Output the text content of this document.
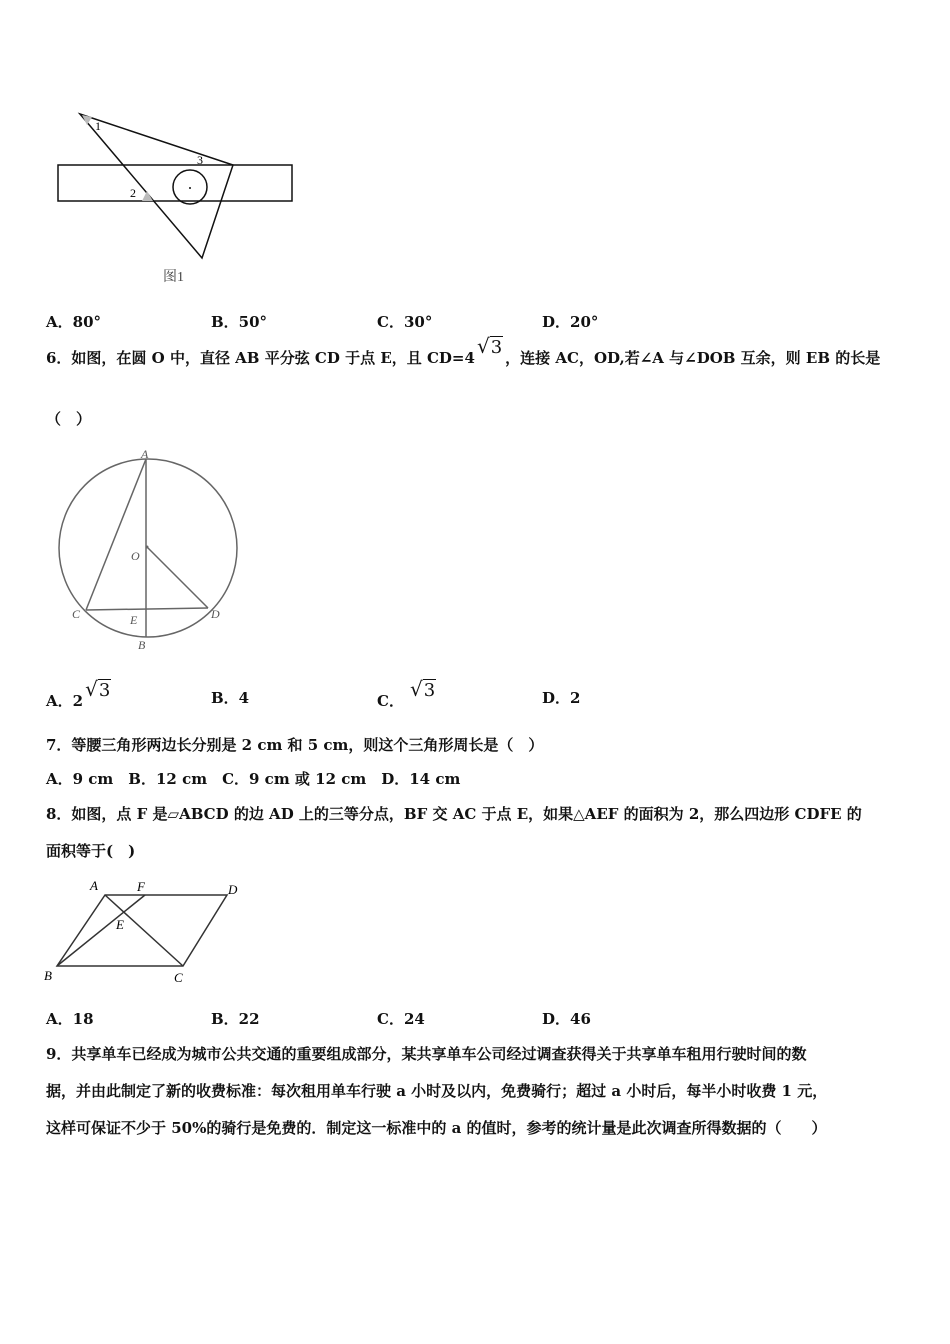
1
2
3
图1
A．80°	B．50°	C．30°	D．20°
6．如图，在圆 O 中，直径 AB 平分弦 CD 于点 E，且 CD=4 √3 ，连接 AC，OD,若∠A 与∠DOB 互余，则 EB 的长是
（　）
A
O
C	E	D
B
A．2 √3	B．4	C． √3	D．2
7．等腰三角形两边长分别是 2 cm 和 5 cm，则这个三角形周长是（　）
A．9 cm　B．12 cm　C．9 cm 或 12 cm　D．14 cm
8．如图，点 F 是▱ABCD 的边 AD 上的三等分点，BF 交 AC 于点 E，如果△AEF 的面积为 2，那么四边形 CDFE 的
面积等于(　)
A	F	D
E
B	C
A．18	B．22	C．24	D．46
9．共享单车已经成为城市公共交通的重要组成部分，某共享单车公司经过调查获得关于共享单车租用行驶时间的数
据，并由此制定了新的收费标准：每次租用单车行驶 a 小时及以内，免费骑行；超过 a 小时后，每半小时收费 1 元，
这样可保证不少于 50%的骑行是免费的．制定这一标准中的 a 的值时，参考的统计量是此次调查所得数据的（　　）
